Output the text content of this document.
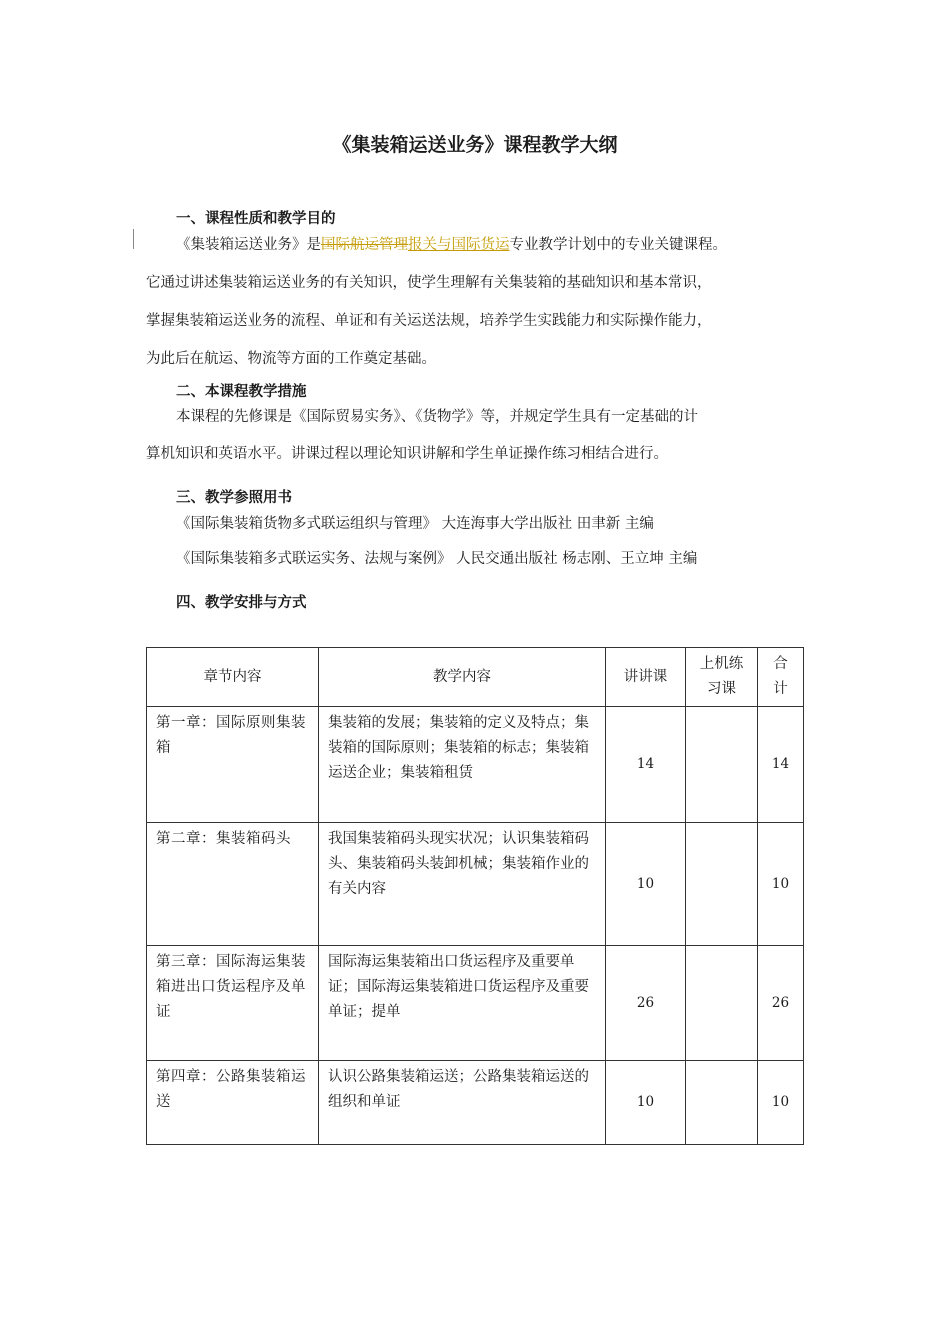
《集装箱运送业务》课程教学大纲
一、课程性质和教学目的
《集装箱运送业务》是国际航运管理报关与国际货运专业教学计划中的专业关键课程。
它通过讲述集装箱运送业务的有关知识，使学生理解有关集装箱的基础知识和基本常识，
掌握集装箱运送业务的流程、单证和有关运送法规，培养学生实践能力和实际操作能力，
为此后在航运、物流等方面的工作奠定基础。
二、本课程教学措施
本课程的先修课是《国际贸易实务》、《货物学》等，并规定学生具有一定基础的计
算机知识和英语水平。讲课过程以理论知识讲解和学生单证操作练习相结合进行。
三、教学参照用书
《国际集装箱货物多式联运组织与管理》 大连海事大学出版社 田聿新 主编
《国际集装箱多式联运实务、法规与案例》 人民交通出版社 杨志刚、王立坤 主编
四、教学安排与方式
章节内容	教学内容	讲讲课	上机练习课	合计
第一章：国际原则集装箱	集装箱的发展；集装箱的定义及特点；集装箱的国际原则；集装箱的标志；集装箱运送企业；集装箱租赁	14		14
第二章：集装箱码头	我国集装箱码头现实状况；认识集装箱码头、集装箱码头装卸机械；集装箱作业的有关内容	10		10
第三章：国际海运集装箱进出口货运程序及单证	国际海运集装箱出口货运程序及重要单证；国际海运集装箱进口货运程序及重要单证；提单	26		26
第四章：公路集装箱运送	认识公路集装箱运送；公路集装箱运送的组织和单证	10		10
